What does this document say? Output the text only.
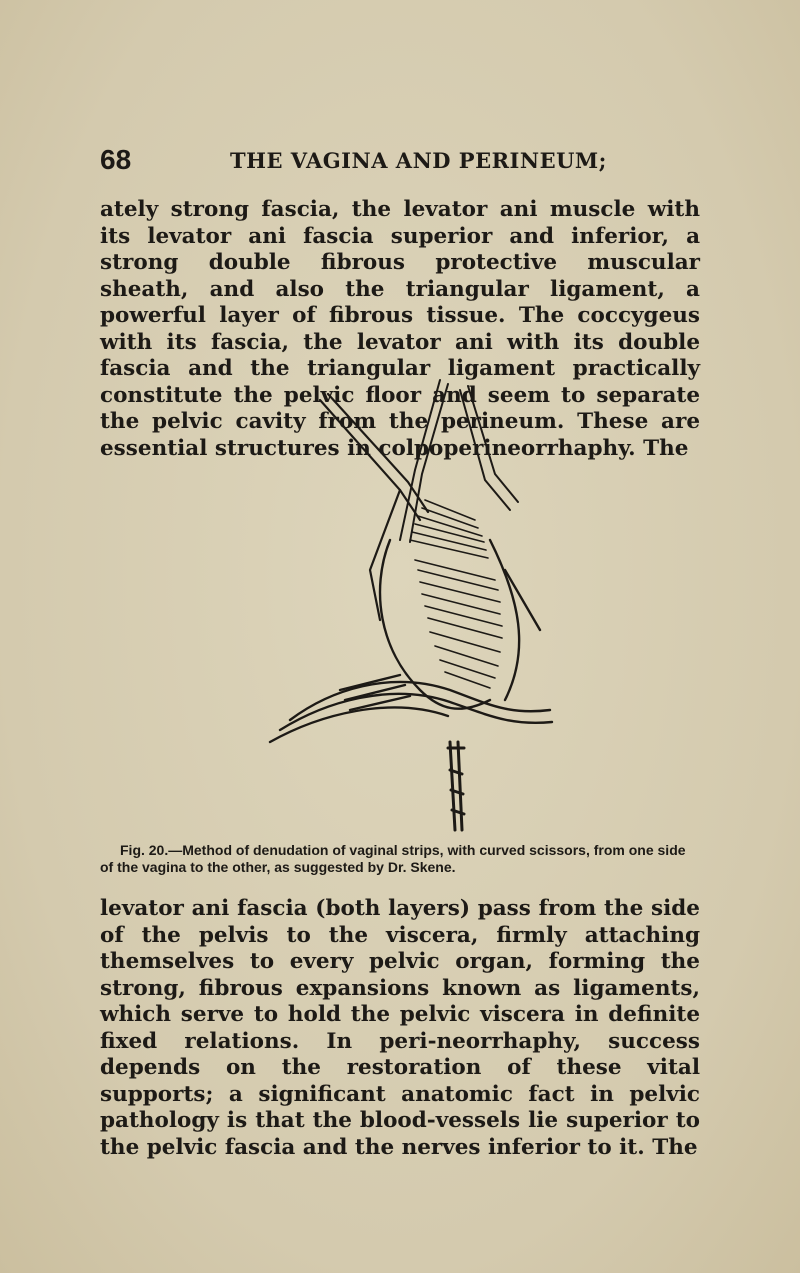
68	THE VAGINA AND PERINEUM;

ately strong fascia, the levator ani muscle with its levator ani fascia superior and inferior, a strong double fibrous protective muscular sheath, and also the triangular ligament, a powerful layer of fibrous tissue. The coccygeus with its fascia, the levator ani with its double fascia and the triangular ligament practically constitute the pelvic floor and seem to separate the pelvic cavity from the perineum. These are essential structures in colpoperineorrhaphy. The

Fig. 20.—Method of denudation of vaginal strips, with curved scissors, from one side of the vagina to the other, as suggested by Dr. Skene.

levator ani fascia (both layers) pass from the side of the pelvis to the viscera, firmly attaching themselves to every pelvic organ, forming the strong, fibrous expansions known as ligaments, which serve to hold the pelvic viscera in definite fixed relations. In peri-neorrhaphy, success depends on the restoration of these vital supports; a significant anatomic fact in pelvic pathology is that the blood-vessels lie superior to the pelvic fascia and the nerves inferior to it. The
